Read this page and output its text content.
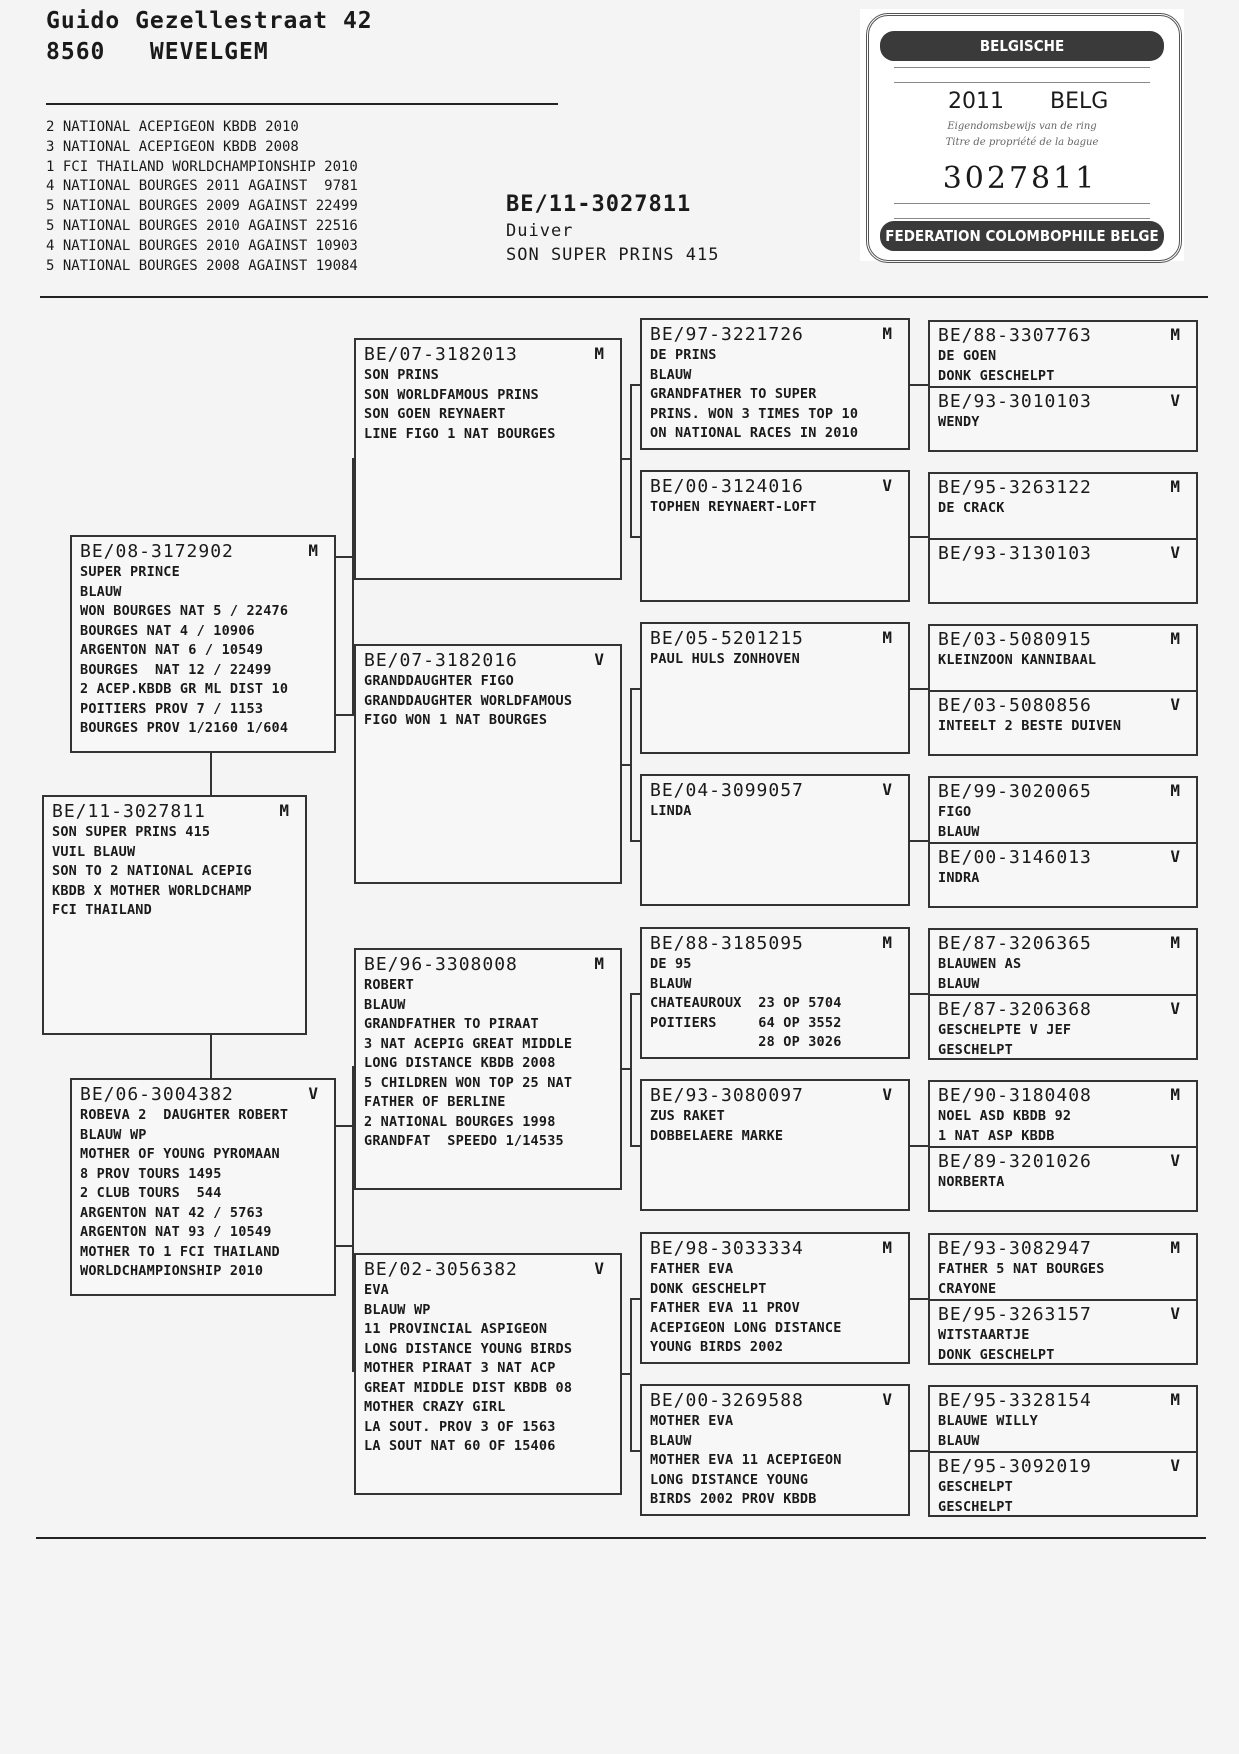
Guido Gezellestraat 42
8560   WEVELGEM
2 NATIONAL ACEPIGEON KBDB 2010
3 NATIONAL ACEPIGEON KBDB 2008
1 FCI THAILAND WORLDCHAMPIONSHIP 2010
4 NATIONAL BOURGES 2011 AGAINST  9781
5 NATIONAL BOURGES 2009 AGAINST 22499
5 NATIONAL BOURGES 2010 AGAINST 22516
4 NATIONAL BOURGES 2010 AGAINST 10903
5 NATIONAL BOURGES 2008 AGAINST 19084
BE/11-3027811
Duiver
SON SUPER PRINS 415
BELGISCHE DUIVENLIEFHEBBERSBOND
2011 BELG
Eigendomsbewijs van de ring
Titre de propriété de la bague
3027811
FEDERATION COLOMBOPHILE BELGE
BE/11-3027811	M
SON SUPER PRINS 415
VUIL BLAUW
SON TO 2 NATIONAL ACEPIG
KBDB X MOTHER WORLDCHAMP
FCI THAILAND
BE/08-3172902	M
SUPER PRINCE
BLAUW
WON BOURGES NAT 5 / 22476
BOURGES NAT 4 / 10906
ARGENTON NAT 6 / 10549
BOURGES  NAT 12 / 22499
2 ACEP.KBDB GR ML DIST 10
POITIERS PROV 7 / 1153
BOURGES PROV 1/2160 1/604
BE/06-3004382	V
ROBEVA 2  DAUGHTER ROBERT
BLAUW WP
MOTHER OF YOUNG PYROMAAN
8 PROV TOURS 1495
2 CLUB TOURS  544
ARGENTON NAT 42 / 5763
ARGENTON NAT 93 / 10549
MOTHER TO 1 FCI THAILAND
WORLDCHAMPIONSHIP 2010
BE/07-3182013	M
SON PRINS
SON WORLDFAMOUS PRINS
SON GOEN REYNAERT
LINE FIGO 1 NAT BOURGES
BE/07-3182016	V
GRANDDAUGHTER FIGO
GRANDDAUGHTER WORLDFAMOUS
FIGO WON 1 NAT BOURGES
BE/96-3308008	M
ROBERT
BLAUW
GRANDFATHER TO PIRAAT
3 NAT ACEPIG GREAT MIDDLE
LONG DISTANCE KBDB 2008
5 CHILDREN WON TOP 25 NAT
FATHER OF BERLINE
2 NATIONAL BOURGES 1998
GRANDFAT  SPEEDO 1/14535
BE/02-3056382	V
EVA
BLAUW WP
11 PROVINCIAL ASPIGEON
LONG DISTANCE YOUNG BIRDS
MOTHER PIRAAT 3 NAT ACP
GREAT MIDDLE DIST KBDB 08
MOTHER CRAZY GIRL
LA SOUT. PROV 3 OF 1563
LA SOUT NAT 60 OF 15406
BE/97-3221726	M
DE PRINS
BLAUW
GRANDFATHER TO SUPER
PRINS. WON 3 TIMES TOP 10
ON NATIONAL RACES IN 2010
BE/00-3124016	V
TOPHEN REYNAERT-LOFT
BE/05-5201215	M
PAUL HULS ZONHOVEN
BE/04-3099057	V
LINDA
BE/88-3185095	M
DE 95
BLAUW
CHATEAUROUX  23 OP 5704
POITIERS     64 OP 3552
28 OP 3026
BE/93-3080097	V
ZUS RAKET
DOBBELAERE MARKE
BE/98-3033334	M
FATHER EVA
DONK GESCHELPT
FATHER EVA 11 PROV
ACEPIGEON LONG DISTANCE
YOUNG BIRDS 2002
BE/00-3269588	V
MOTHER EVA
BLAUW
MOTHER EVA 11 ACEPIGEON
LONG DISTANCE YOUNG
BIRDS 2002 PROV KBDB
BE/88-3307763	M
DE GOEN
DONK GESCHELPT
BE/93-3010103	V
WENDY
BE/95-3263122	M
DE CRACK
BE/93-3130103	V
BE/03-5080915	M
KLEINZOON KANNIBAAL
BE/03-5080856	V
INTEELT 2 BESTE DUIVEN
BE/99-3020065	M
FIGO
BLAUW
BE/00-3146013	V
INDRA
BE/87-3206365	M
BLAUWEN AS
BLAUW
BE/87-3206368	V
GESCHELPTE V JEF
GESCHELPT
BE/90-3180408	M
NOEL ASD KBDB 92
1 NAT ASP KBDB
BE/89-3201026	V
NORBERTA
BE/93-3082947	M
FATHER 5 NAT BOURGES
CRAYONE
BE/95-3263157	V
WITSTAARTJE
DONK GESCHELPT
BE/95-3328154	M
BLAUWE WILLY
BLAUW
BE/95-3092019	V
GESCHELPT
GESCHELPT
